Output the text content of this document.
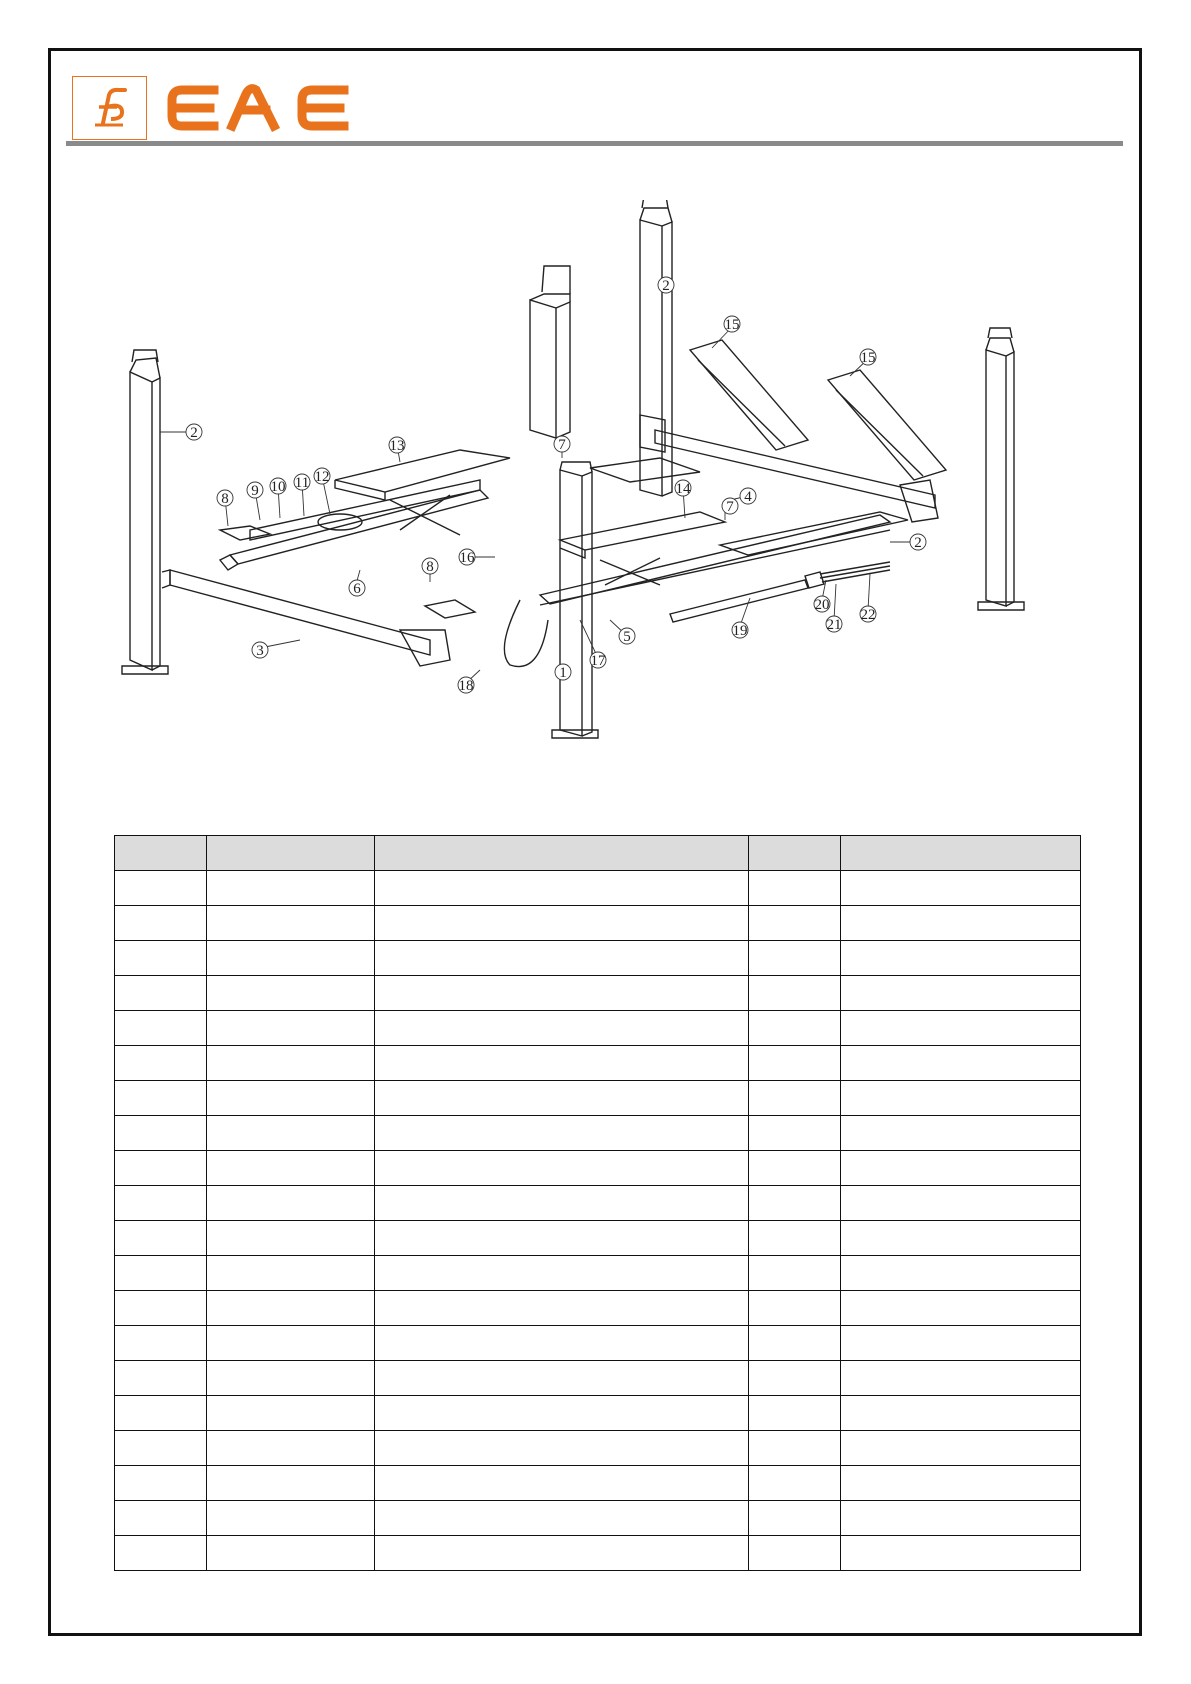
1
2
2
2
3
4
5
6
7
7
8
8
9 10 11 12
13
14
15
15
16
17
18
19
20
21
22
